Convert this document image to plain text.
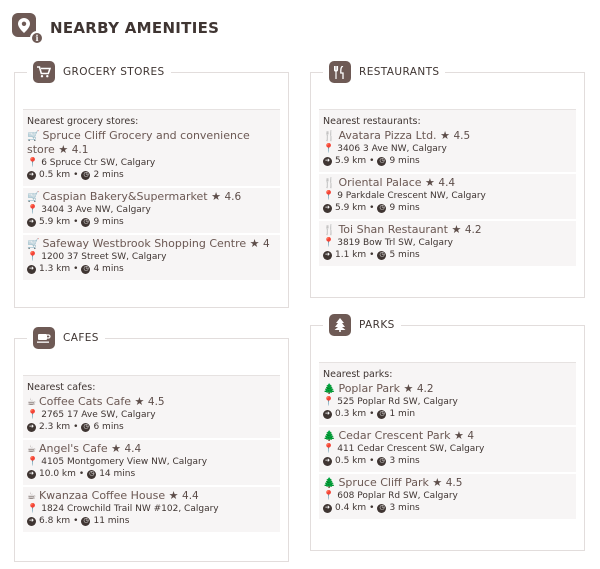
i
NEARBY AMENITIES
GROCERY STORES
Nearest grocery stores:
🛒 Spruce Cliff Grocery and convenience store ★ 4.1
📍 6 Spruce Ctr SW, Calgary
➜ 0.5 km • ◷ 2 mins
🛒 Caspian Bakery&Supermarket ★ 4.6
📍 3404 3 Ave NW, Calgary
➜ 5.9 km • ◷ 9 mins
🛒 Safeway Westbrook Shopping Centre ★ 4
📍 1200 37 Street SW, Calgary
➜ 1.3 km • ◷ 4 mins
RESTAURANTS
Nearest restaurants:
🍴 Avatara Pizza Ltd. ★ 4.5
📍 3406 3 Ave NW, Calgary
➜ 5.9 km • ◷ 9 mins
🍴 Oriental Palace ★ 4.4
📍 9 Parkdale Crescent NW, Calgary
➜ 5.9 km • ◷ 9 mins
🍴 Toi Shan Restaurant ★ 4.2
📍 3819 Bow Trl SW, Calgary
➜ 1.1 km • ◷ 5 mins
CAFES
Nearest cafes:
☕ Coffee Cats Cafe ★ 4.5
📍 2765 17 Ave SW, Calgary
➜ 2.3 km • ◷ 6 mins
☕ Angel's Cafe ★ 4.4
📍 4105 Montgomery View NW, Calgary
➜ 10.0 km • ◷ 14 mins
☕ Kwanzaa Coffee House ★ 4.4
📍 1824 Crowchild Trail NW #102, Calgary
➜ 6.8 km • ◷ 11 mins
PARKS
Nearest parks:
🌲 Poplar Park ★ 4.2
📍 525 Poplar Rd SW, Calgary
➜ 0.3 km • ◷ 1 min
🌲 Cedar Crescent Park ★ 4
📍 411 Cedar Crescent SW, Calgary
➜ 0.5 km • ◷ 3 mins
🌲 Spruce Cliff Park ★ 4.5
📍 608 Poplar Rd SW, Calgary
➜ 0.4 km • ◷ 3 mins
